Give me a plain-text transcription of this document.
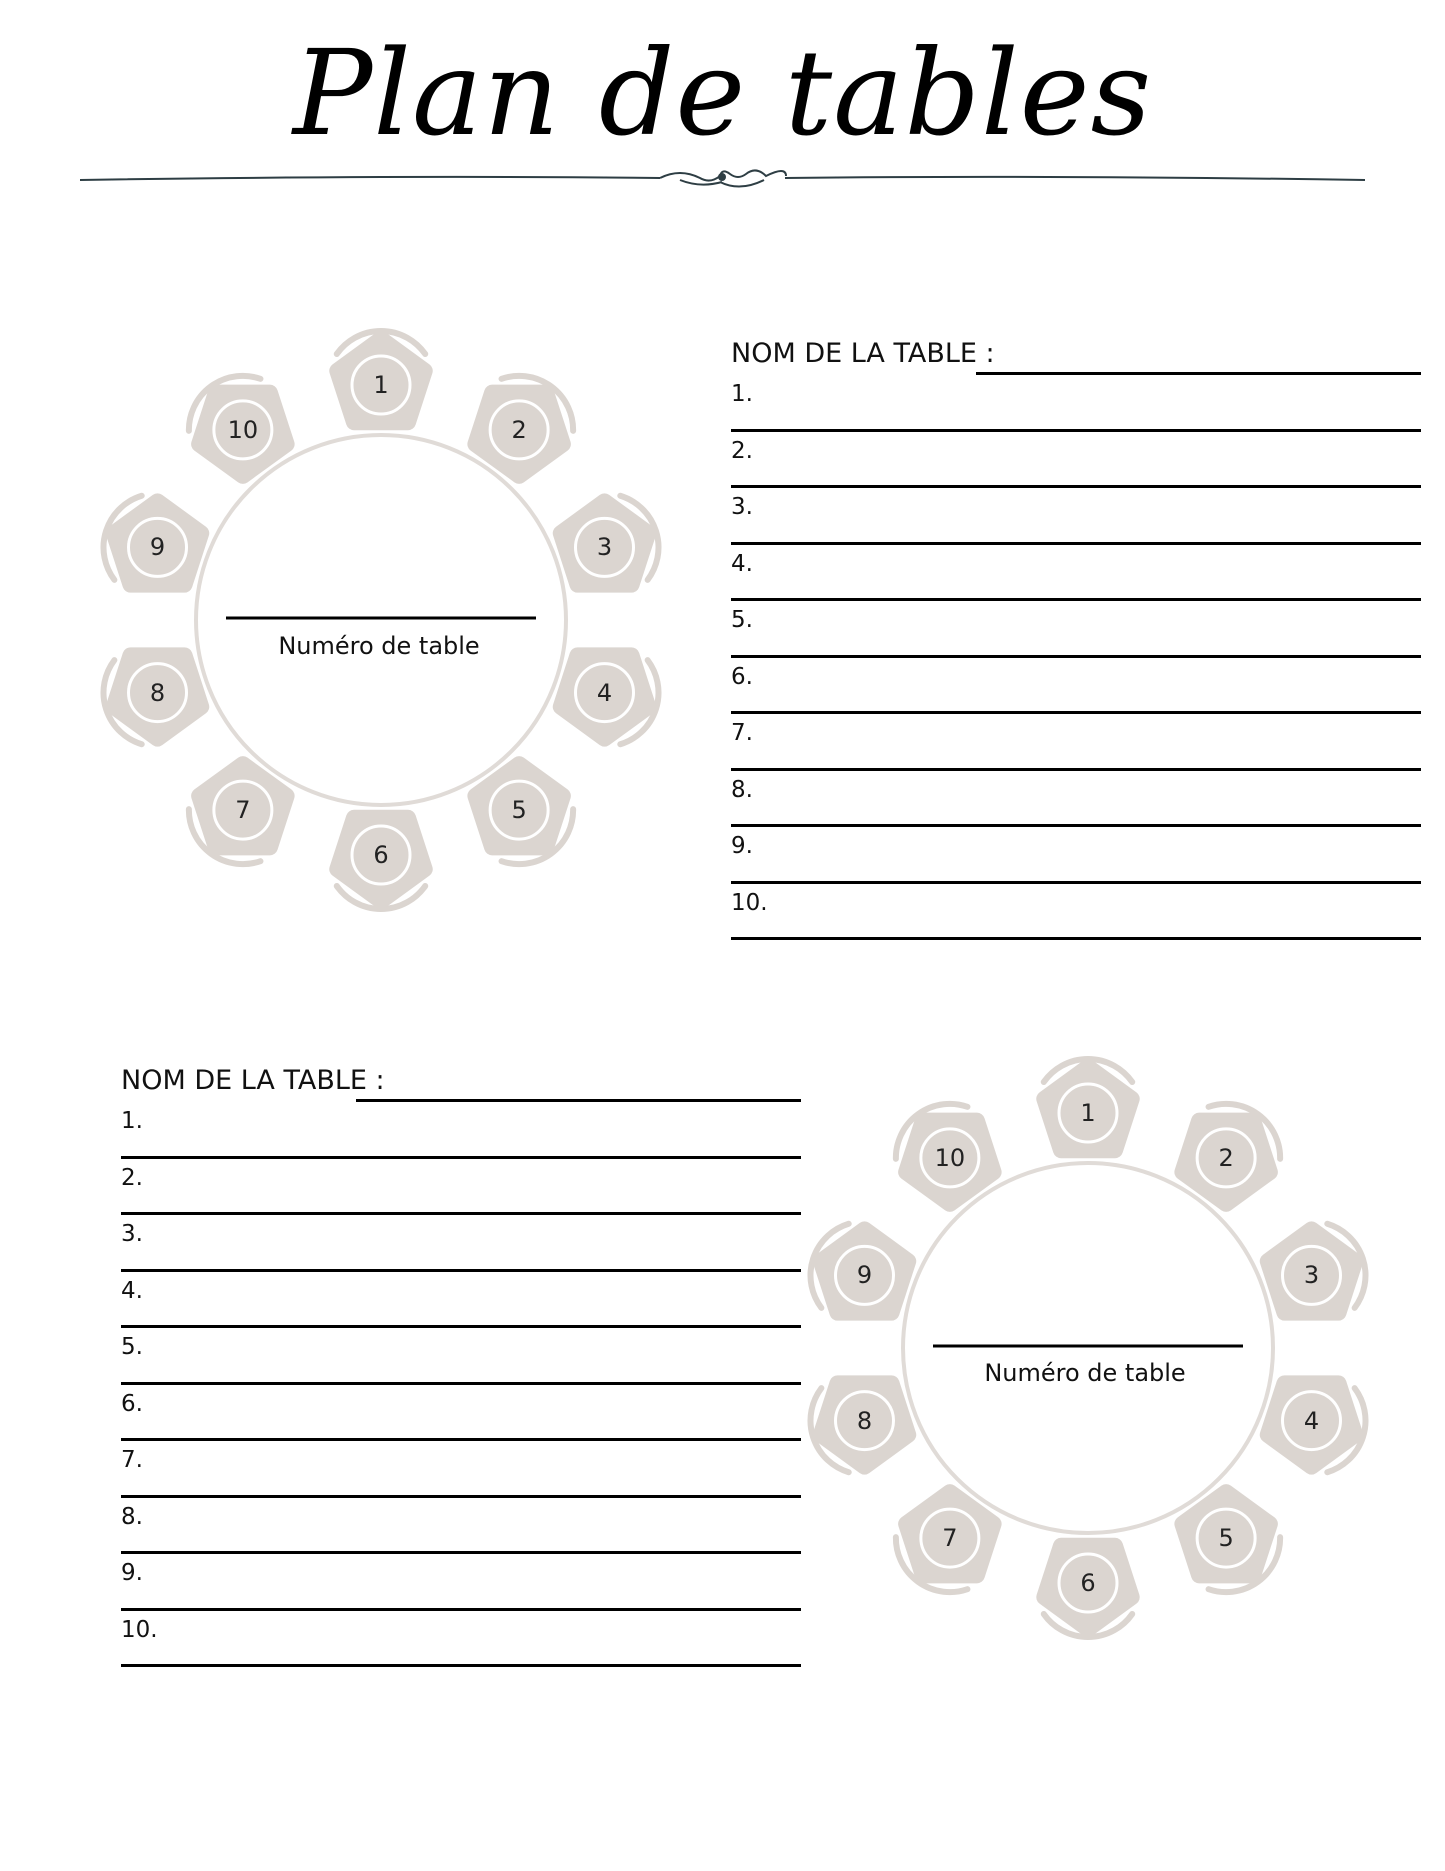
Plan de tables
Numéro de table
1
2
3
4
5
6
7
8
9
10
NOM DE LA TABLE :
1.
2.
3.
4.
5.
6.
7.
8.
9.
10.
NOM DE LA TABLE :
1.
2.
3.
4.
5.
6.
7.
8.
9.
10.
Numéro de table
1
2
3
4
5
6
7
8
9
10
